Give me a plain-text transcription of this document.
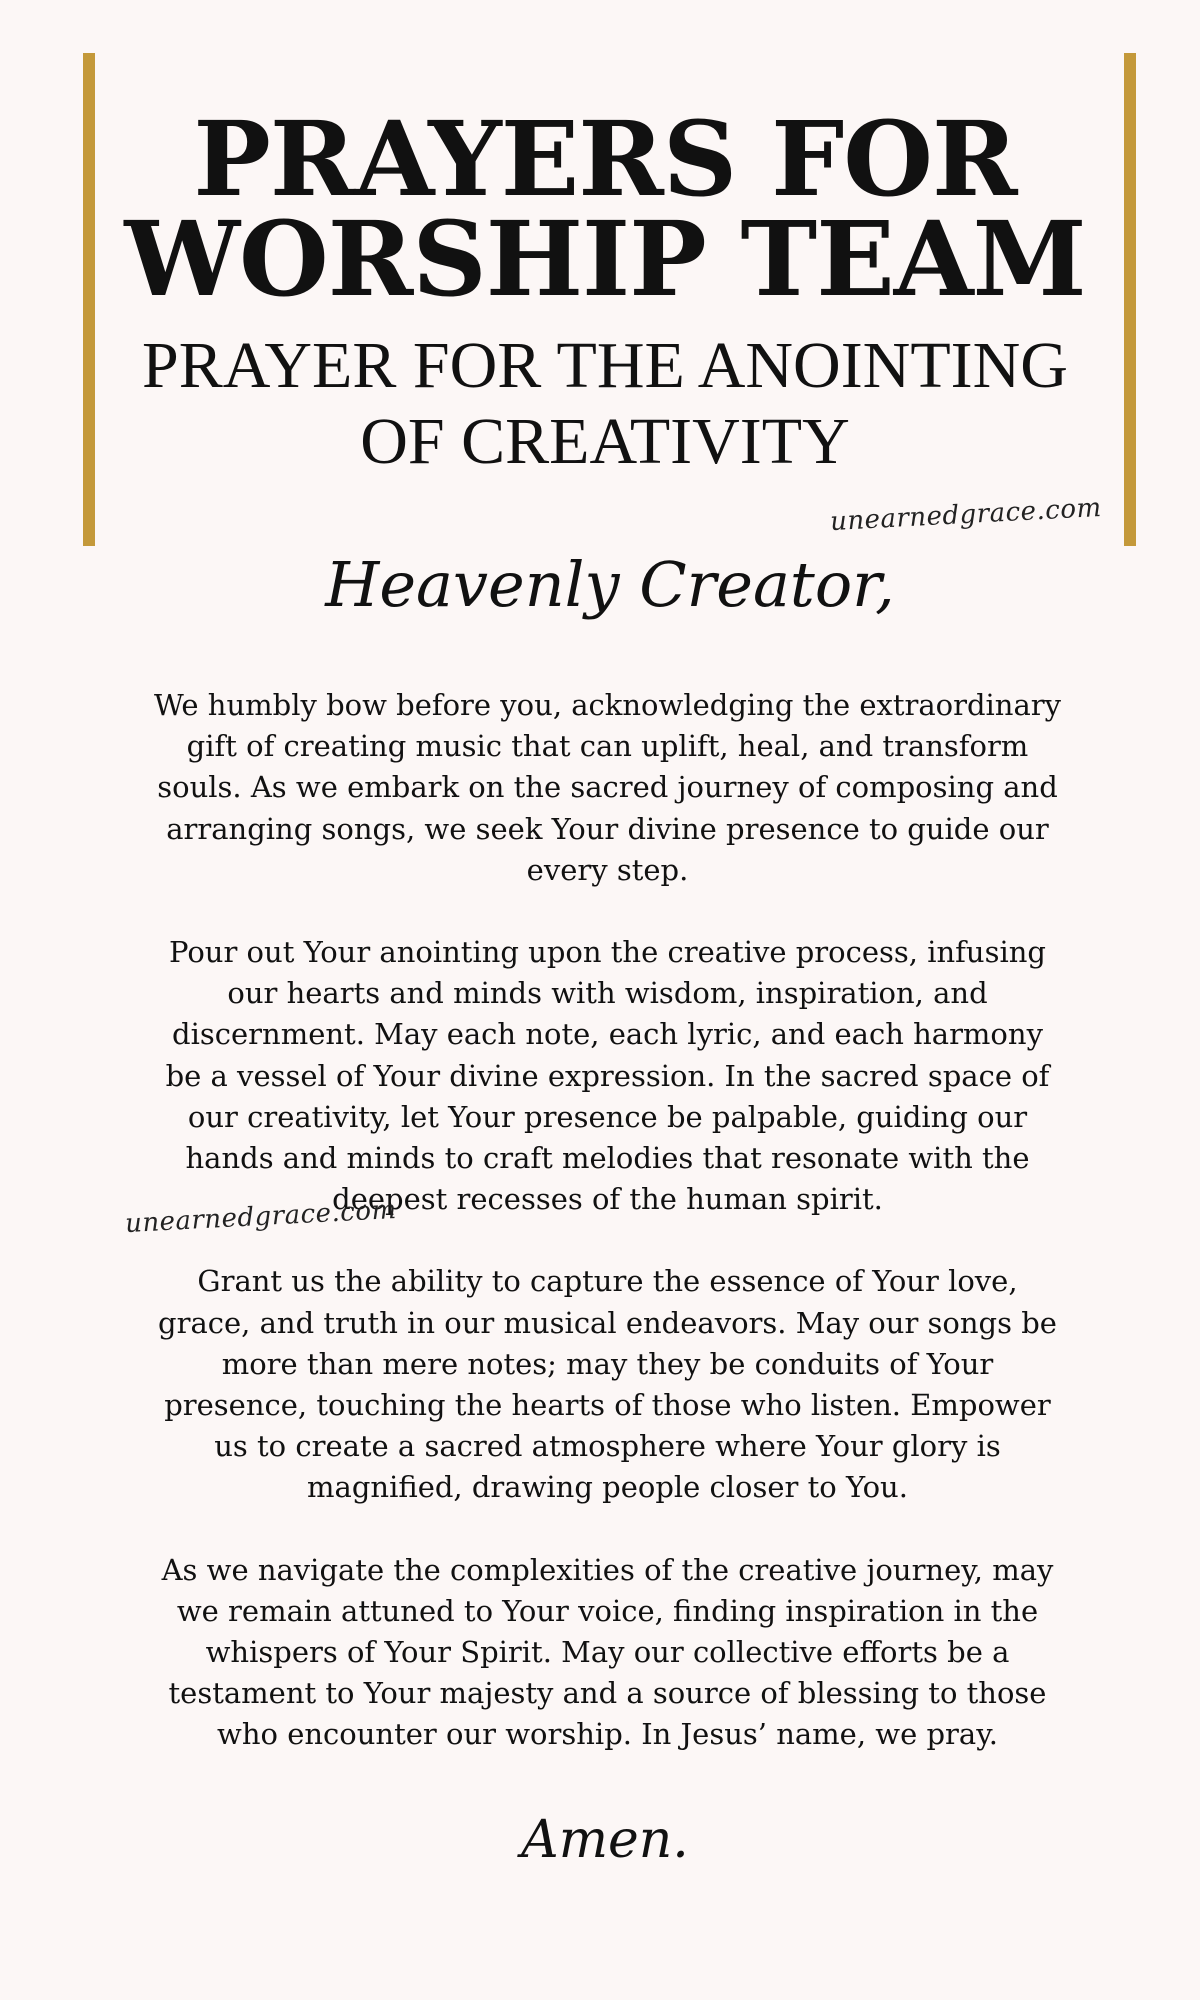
PRAYERS FOR
WORSHIP TEAM
PRAYER FOR THE ANOINTING
OF CREATIVITY
unearnedgrace.com
Heavenly Creator,

We humbly bow before you, acknowledging the extraordinary gift of creating music that can uplift, heal, and transform souls. As we embark on the sacred journey of composing and arranging songs, we seek Your divine presence to guide our every step.

Pour out Your anointing upon the creative process, infusing our hearts and minds with wisdom, inspiration, and discernment. May each note, each lyric, and each harmony be a vessel of Your divine expression. In the sacred space of our creativity, let Your presence be palpable, guiding our hands and minds to craft melodies that resonate with the deepest recesses of the human spirit.

Grant us the ability to capture the essence of Your love, grace, and truth in our musical endeavors. May our songs be more than mere notes; may they be conduits of Your presence, touching the hearts of those who listen. Empower us to create a sacred atmosphere where Your glory is magnified, drawing people closer to You.

As we navigate the complexities of the creative journey, may we remain attuned to Your voice, finding inspiration in the whispers of Your Spirit. May our collective efforts be a testament to Your majesty and a source of blessing to those who encounter our worship. In Jesus’ name, we pray.

unearnedgrace.com
Amen.
